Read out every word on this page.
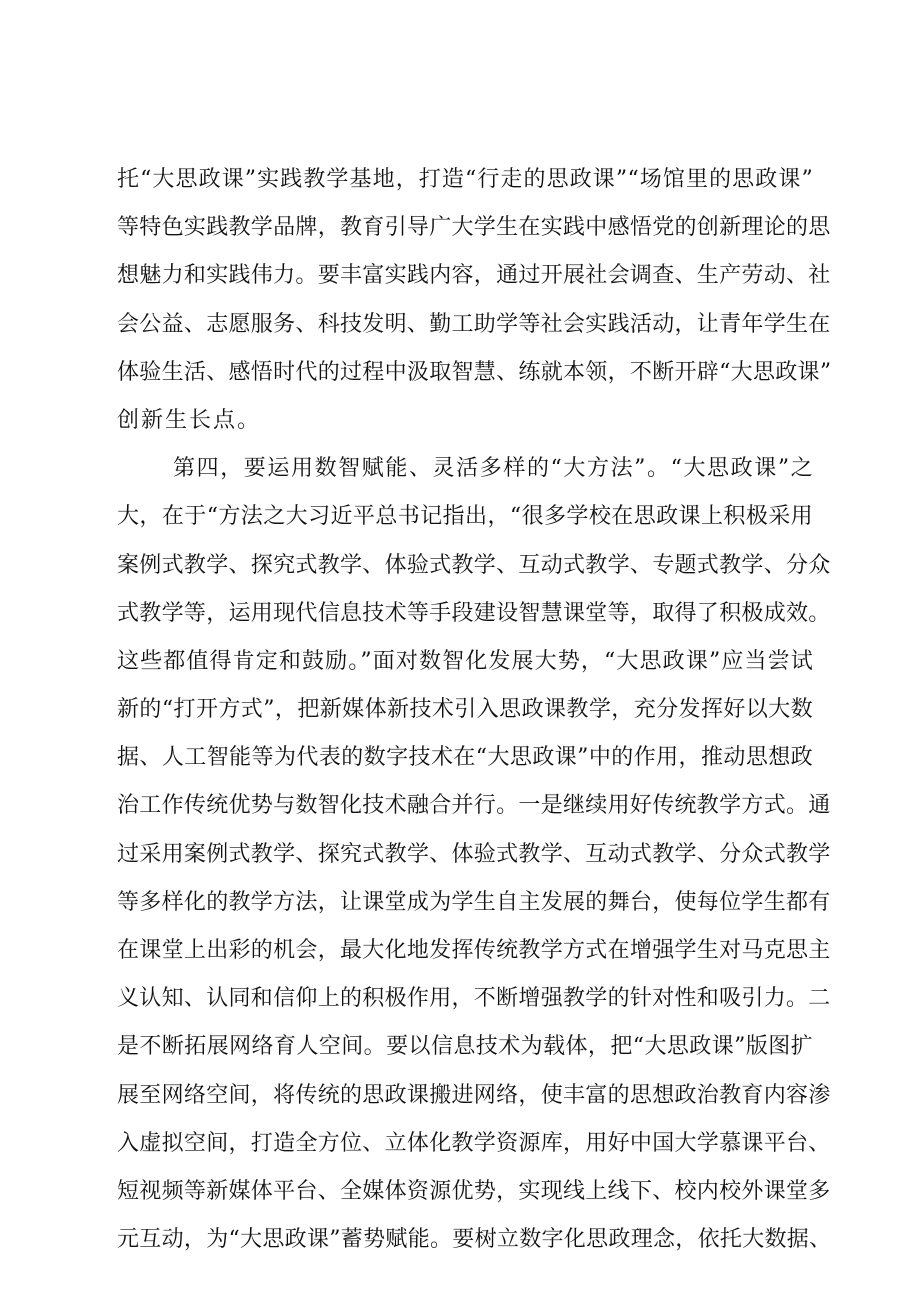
托“大思政课”实践教学基地，打造“行走的思政课”“场馆里的思政课”
等特色实践教学品牌，教育引导广大学生在实践中感悟党的创新理论的思
想魅力和实践伟力。要丰富实践内容，通过开展社会调查、生产劳动、社
会公益、志愿服务、科技发明、勤工助学等社会实践活动，让青年学生在
体验生活、感悟时代的过程中汲取智慧、练就本领，不断开辟“大思政课”
创新生长点。
第四，要运用数智赋能、灵活多样的“大方法”。“大思政课”之
大，在于“方法之大习近平总书记指出，“很多学校在思政课上积极采用
案例式教学、探究式教学、体验式教学、互动式教学、专题式教学、分众
式教学等，运用现代信息技术等手段建设智慧课堂等，取得了积极成效。
这些都值得肯定和鼓励。”面对数智化发展大势，“大思政课”应当尝试
新的“打开方式”，把新媒体新技术引入思政课教学，充分发挥好以大数
据、人工智能等为代表的数字技术在“大思政课”中的作用，推动思想政
治工作传统优势与数智化技术融合并行。一是继续用好传统教学方式。通
过采用案例式教学、探究式教学、体验式教学、互动式教学、分众式教学
等多样化的教学方法，让课堂成为学生自主发展的舞台，使每位学生都有
在课堂上出彩的机会，最大化地发挥传统教学方式在增强学生对马克思主
义认知、认同和信仰上的积极作用，不断增强教学的针对性和吸引力。二
是不断拓展网络育人空间。要以信息技术为载体，把“大思政课”版图扩
展至网络空间，将传统的思政课搬进网络，使丰富的思想政治教育内容渗
入虚拟空间，打造全方位、立体化教学资源库，用好中国大学慕课平台、
短视频等新媒体平台、全媒体资源优势，实现线上线下、校内校外课堂多
元互动，为“大思政课”蓄势赋能。要树立数字化思政理念，依托大数据、
